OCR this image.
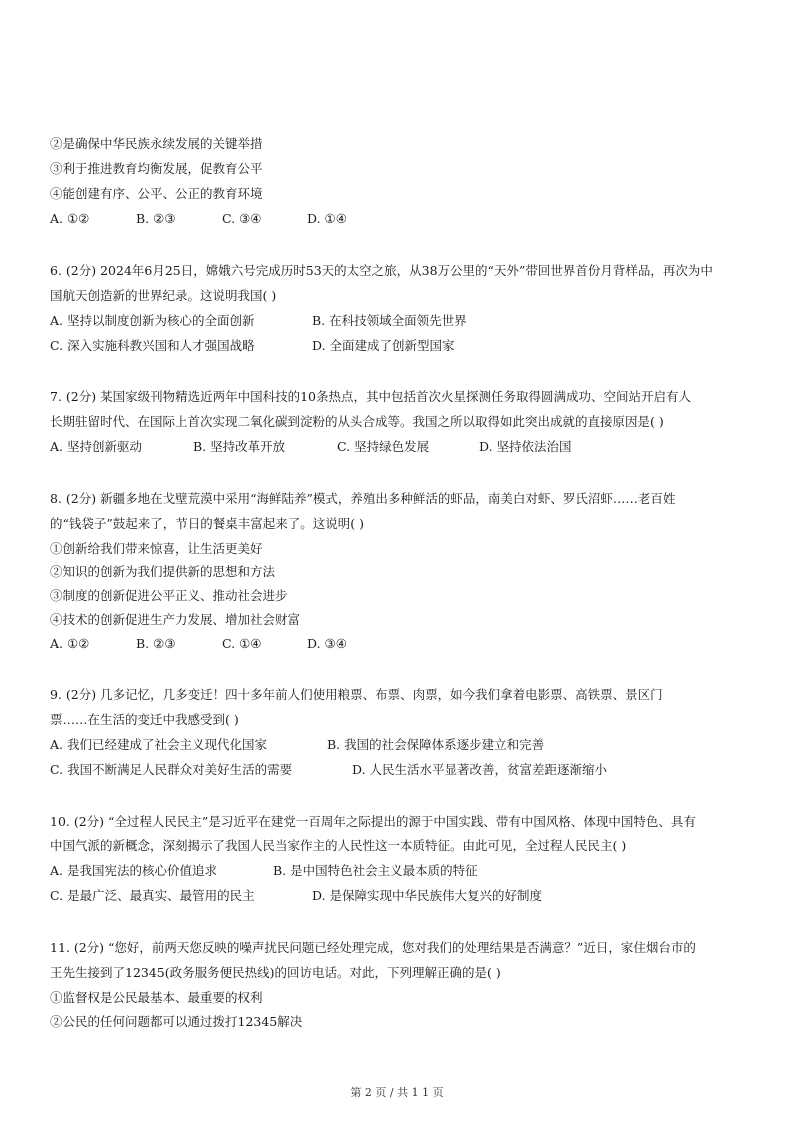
②是确保中华民族永续发展的关键举措
③利于推进教育均衡发展，促教育公平
④能创建有序、公平、公正的教育环境
A. ①②	B. ②③	C. ③④	D. ①④
6. (2分) 2024年6月25日，嫦娥六号完成历时53天的太空之旅，从38万公里的“天外”带回世界首份月背样品，再次为中
国航天创造新的世界纪录。这说明我国( )
A. 坚持以制度创新为核心的全面创新	B. 在科技领域全面领先世界
C. 深入实施科教兴国和人才强国战略	D. 全面建成了创新型国家
7. (2分) 某国家级刊物精选近两年中国科技的10条热点，其中包括首次火星探测任务取得圆满成功、空间站开启有人
长期驻留时代、在国际上首次实现二氧化碳到淀粉的从头合成等。我国之所以取得如此突出成就的直接原因是( )
A. 坚持创新驱动	B. 坚持改革开放	C. 坚持绿色发展	D. 坚持依法治国
8. (2分) 新疆多地在戈壁荒漠中采用“海鲜陆养”模式，养殖出多种鲜活的虾品，南美白对虾、罗氏沼虾……老百姓
的“钱袋子”鼓起来了，节日的餐桌丰富起来了。这说明( )
①创新给我们带来惊喜，让生活更美好
②知识的创新为我们提供新的思想和方法
③制度的创新促进公平正义、推动社会进步
④技术的创新促进生产力发展、增加社会财富
A. ①②	B. ②③	C. ①④	D. ③④
9. (2分) 几多记忆，几多变迁！四十多年前人们使用粮票、布票、肉票，如今我们拿着电影票、高铁票、景区门
票……在生活的变迁中我感受到( )
A. 我们已经建成了社会主义现代化国家	B. 我国的社会保障体系逐步建立和完善
C. 我国不断满足人民群众对美好生活的需要	D. 人民生活水平显著改善，贫富差距逐渐缩小
10. (2分) “全过程人民民主”是习近平在建党一百周年之际提出的源于中国实践、带有中国风格、体现中国特色、具有
中国气派的新概念，深刻揭示了我国人民当家作主的人民性这一本质特征。由此可见，全过程人民民主( )
A. 是我国宪法的核心价值追求	B. 是中国特色社会主义最本质的特征
C. 是最广泛、最真实、最管用的民主	D. 是保障实现中华民族伟大复兴的好制度
11. (2分) “您好，前两天您反映的噪声扰民问题已经处理完成，您对我们的处理结果是否满意？”近日，家住烟台市的
王先生接到了12345(政务服务便民热线)的回访电话。对此，下列理解正确的是( )
①监督权是公民最基本、最重要的权利
②公民的任何问题都可以通过拨打12345解决
第 2 页 / 共 1 1 页
